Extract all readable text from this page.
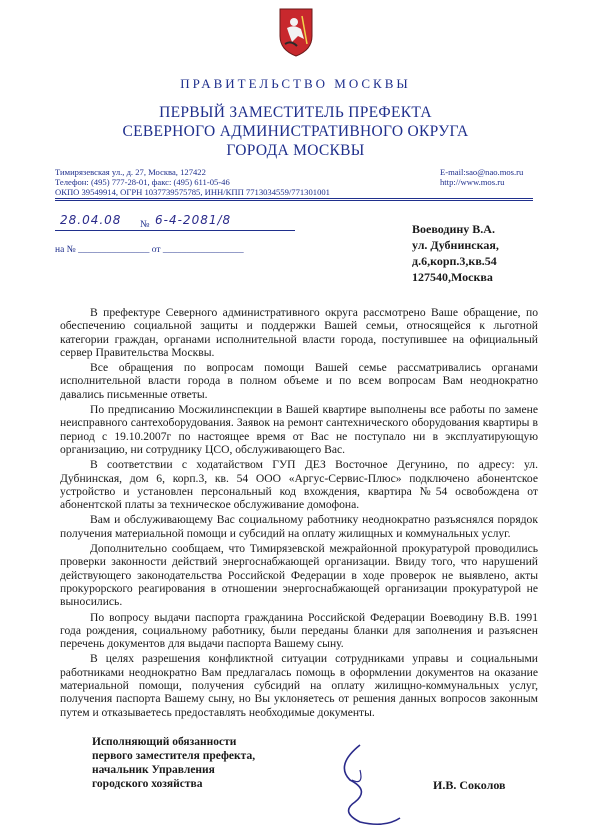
ПРАВИТЕЛЬСТВО МОСКВЫ
ПЕРВЫЙ ЗАМЕСТИТЕЛЬ ПРЕФЕКТА
СЕВЕРНОГО АДМИНИСТРАТИВНОГО ОКРУГА
ГОРОДА МОСКВЫ
Тимирязевская ул., д. 27, Москва, 127422
Телефон: (495) 777-28-01, факс: (495) 611-05-46
ОКПО 39549914, ОГРН 1037739575785, ИНН/КПП 7713034559/771301001
E-mail:sao@nao.mos.ru
http://www.mos.ru
28.04.08 № 6-4-2081/8
на № _______________ от _________________
Воеводину В.А.
ул. Дубнинская,
д.6,корп.3,кв.54
127540,Москва

В префектуре Северного административного округа рассмотрено Ваше обращение, по обеспечению социальной защиты и поддержки Вашей семьи, относящейся к льготной категории граждан, органами исполнительной власти города, поступившее на официальный сервер Правительства Москвы.

Все обращения по вопросам помощи Вашей семье рассматривались органами исполнительной власти города в полном объеме и по всем вопросам Вам неоднократно давались письменные ответы.

По предписанию Мосжилинспекции в Вашей квартире выполнены все работы по замене неисправного сантехоборудования. Заявок на ремонт сантехнического оборудования квартиры в период с 19.10.2007г по настоящее время от Вас не поступало ни в эксплуатирующую организацию, ни сотруднику ЦСО, обслуживающего Вас.

В соответствии с ходатайством ГУП ДЕЗ Восточное Дегунино, по адресу: ул. Дубнинская, дом 6, корп.3, кв. 54 ООО «Аргус-Сервис-Плюс» подключено абонентское устройство и установлен персональный код вхождения, квартира №54 освобождена от абонентской платы за техническое обслуживание домофона.

Вам и обслуживающему Вас социальному работнику неоднократно разъяснялся порядок получения материальной помощи и субсидий на оплату жилищных и коммунальных услуг.

Дополнительно сообщаем, что Тимирязевской межрайонной прокуратурой проводились проверки законности действий энергоснабжающей организации. Ввиду того, что нарушений действующего законодательства Российской Федерации в ходе проверок не выявлено, акты прокурорского реагирования в отношении энергоснабжающей организации прокуратурой не выносились.

По вопросу выдачи паспорта гражданина Российской Федерации Воеводину В.В. 1991 года рождения, социальному работнику, были переданы бланки для заполнения и разъяснен перечень документов для выдачи паспорта Вашему сыну.

В целях разрешения конфликтной ситуации сотрудниками управы и социальными работниками неоднократно Вам предлагалась помощь в оформлении документов на оказание материальной помощи, получения субсидий на оплату жилищно-коммунальных услуг, получения паспорта Вашему сыну, но Вы уклоняетесь от решения данных вопросов законным путем и отказываетесь предоставлять необходимые документы.

Исполняющий обязанности
первого заместителя префекта,
начальник Управления
городского хозяйства	И.В. Соколов
